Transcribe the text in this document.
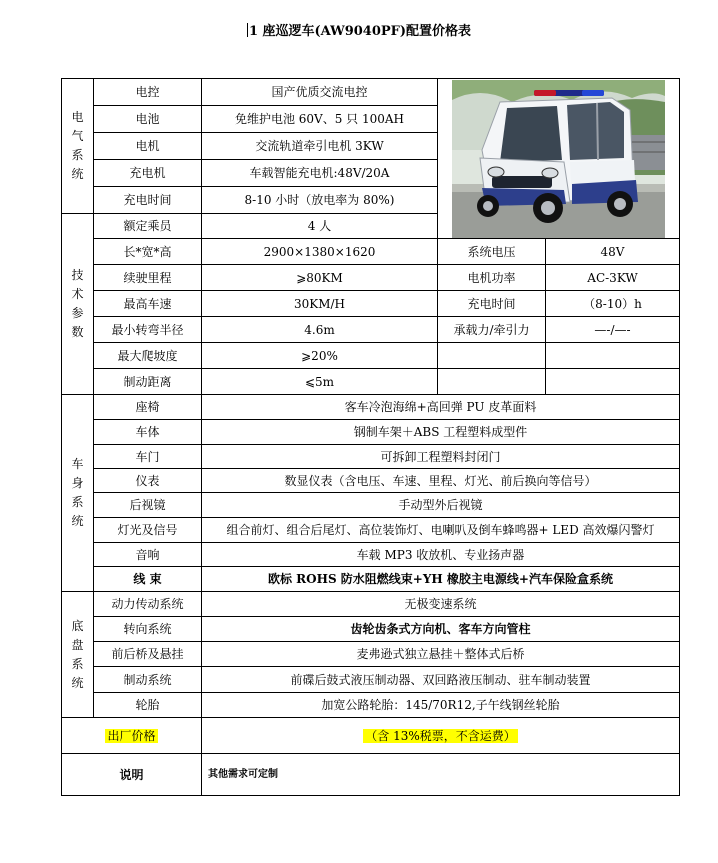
1 座巡逻车(AW9040PF)配置价格表
电气系统	电控	国产优质交流电控	

	电池	免维护电池 60V、5 只 100AH		
	电机	交流轨道牵引电机 3KW		
	充电机	车载智能充电机:48V/20A		
	充电时间	8-10 小时（放电率为 80%)		
技术参数	额定乘员	4 人		
	长*宽*高	2900×1380×1620	系统电压	48V
	续驶里程	⩾80KM	电机功率	AC-3KW
	最高车速	30KM/H	充电时间	（8-10）h
	最小转弯半径	4.6m	承载力/牵引力	—-/—-
	最大爬坡度	⩾20%		
	制动距离	⩽5m		
车身系统	座椅	客车冷泡海绵+高回弹 PU 皮革面料		
	车体	钢制车架＋ABS 工程塑料成型件		
	车门	可拆卸工程塑料封闭门		
	仪表	数显仪表（含电压、车速、里程、灯光、前后换向等信号）		
	后视镜	手动型外后视镜		
	灯光及信号	组合前灯、组合后尾灯、高位装饰灯、电喇叭及倒车蜂鸣器+ LED 高效爆闪警灯		
	音响	车载 MP3 收放机、专业扬声器		
	线 束	欧标 ROHS 防水阻燃线束+YH 橡胶主电源线+汽车保险盒系统		
底盘系统	动力传动系统	无极变速系统		
	转向系统	齿轮齿条式方向机、客车方向管柱		
	前后桥及悬挂	麦弗逊式独立悬挂＋整体式后桥		
	制动系统	前碟后鼓式液压制动器、双回路液压制动、驻车制动装置		
	轮胎	加宽公路轮胎：145/70R12,子午线钢丝轮胎		
出厂价格		（含 13%税票，不含运费）		
说明		其他需求可定制		
